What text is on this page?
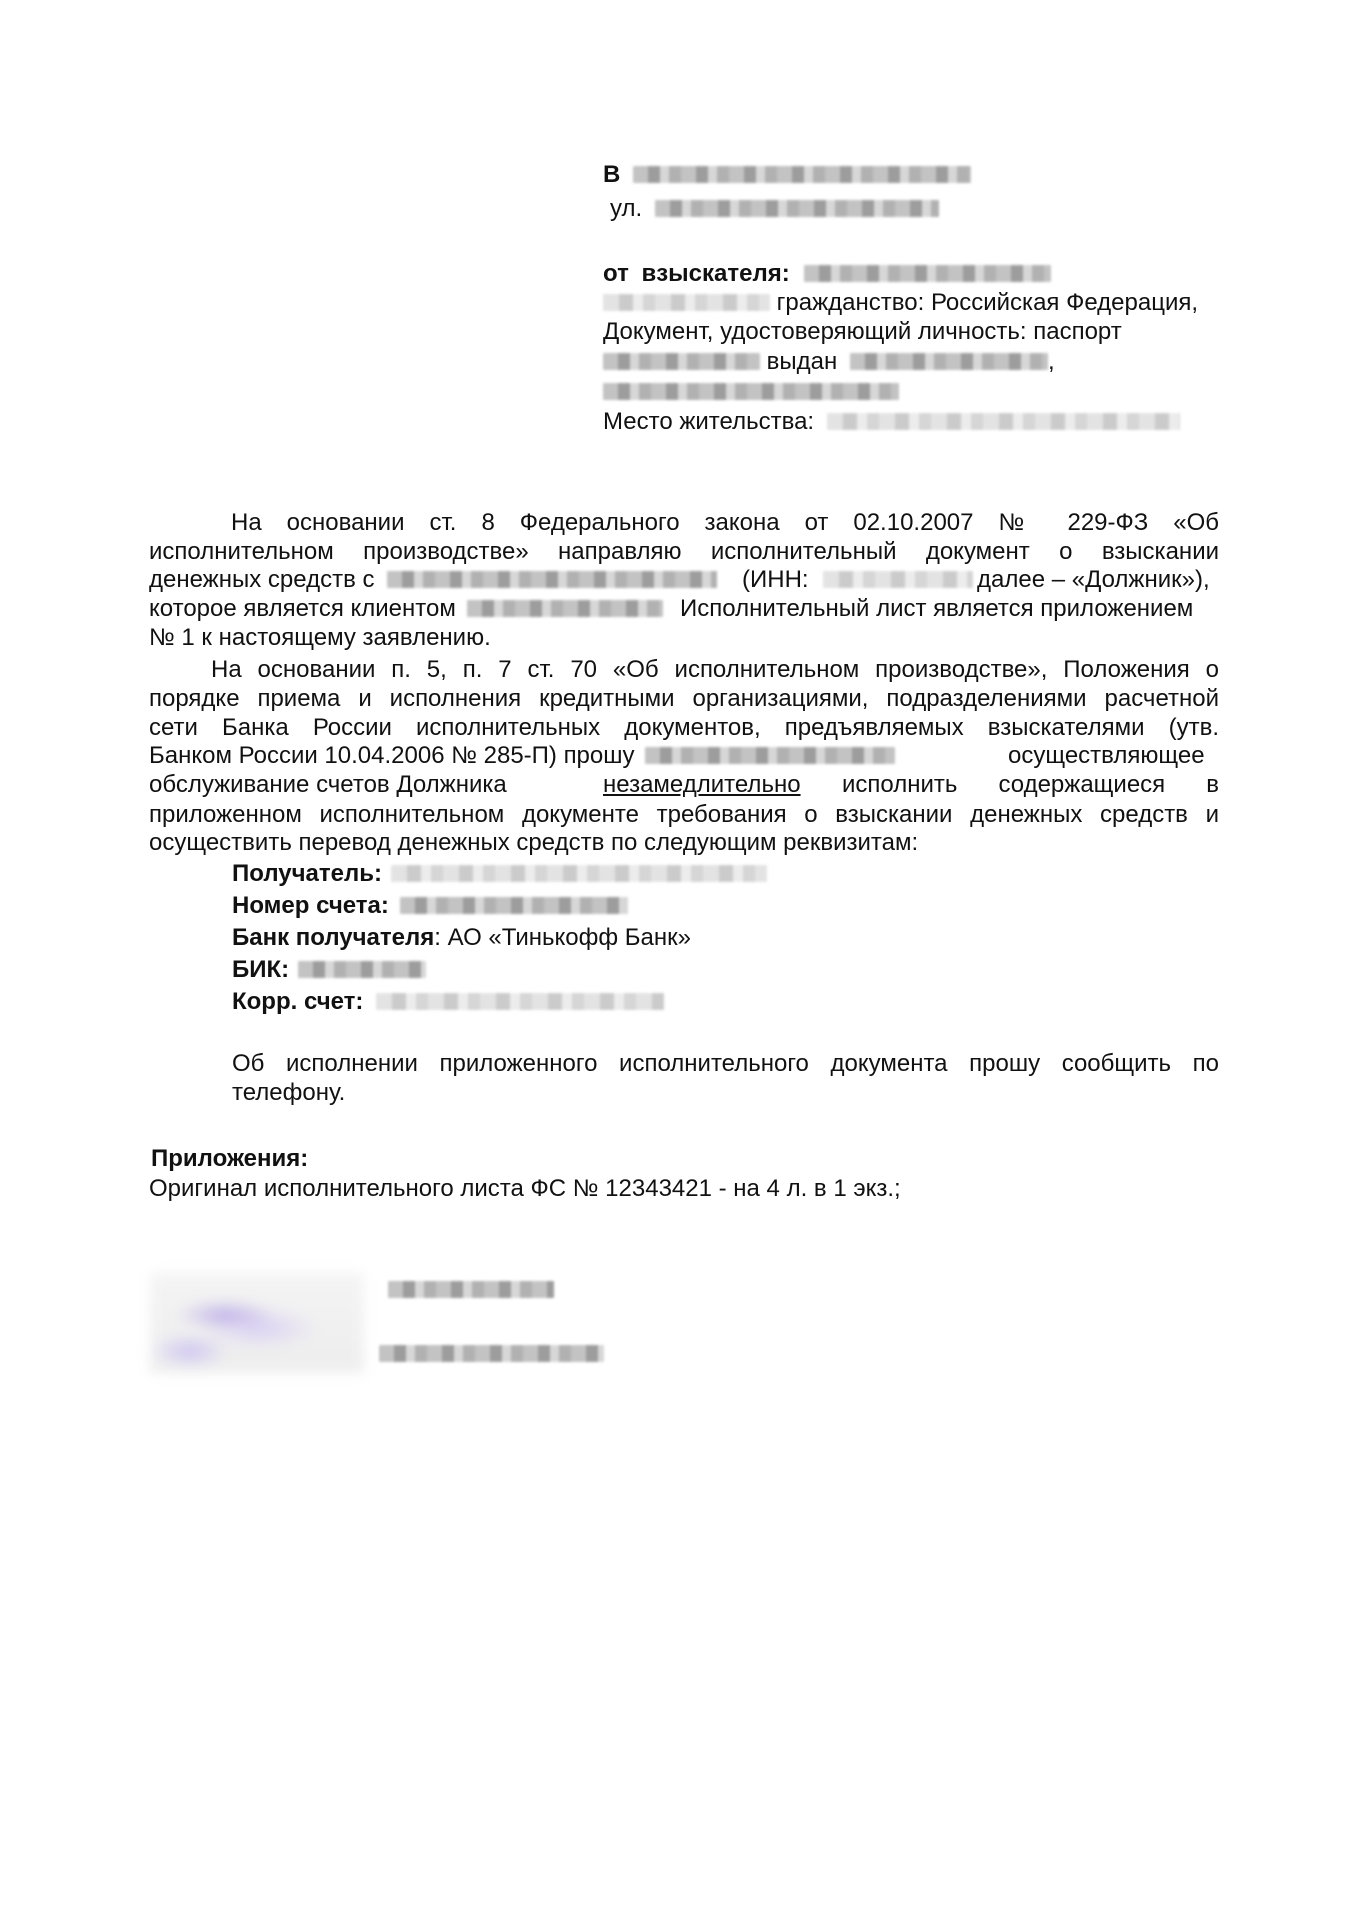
В
ул.
от взыскателя:
гражданство: Российская Федерация,
Документ, удостоверяющий личность: паспорт
выдан	,
Место жительства:
На основании ст. 8 Федерального закона от 02.10.2007 № 229-ФЗ «Об
исполнительном производстве» направляю исполнительный документ о взыскании
денежных средств с	(ИНН:	далее – «Должник»),
которое является клиентом	Исполнительный лист является приложением
№ 1 к настоящему заявлению.
На основании п. 5, п. 7 ст. 70 «Об исполнительном производстве», Положения о
порядке приема и исполнения кредитными организациями, подразделениями расчетной
сети Банка России исполнительных документов, предъявляемых взыскателями (утв.
Банком России 10.04.2006 № 285-П) прошу	осуществляющее
обслуживание счетов Должника	незамедлительно исполнить содержащиеся в
приложенном исполнительном документе требования о взыскании денежных средств и
осуществить перевод денежных средств по следующим реквизитам:
Получатель:
Номер счета:
Банк получателя: АО «Тинькофф Банк»
БИК:
Корр. счет:
Об исполнении приложенного исполнительного документа прошу сообщить по
телефону.
Приложения:
Оригинал исполнительного листа ФС № 12343421 - на 4 л. в 1 экз.;
